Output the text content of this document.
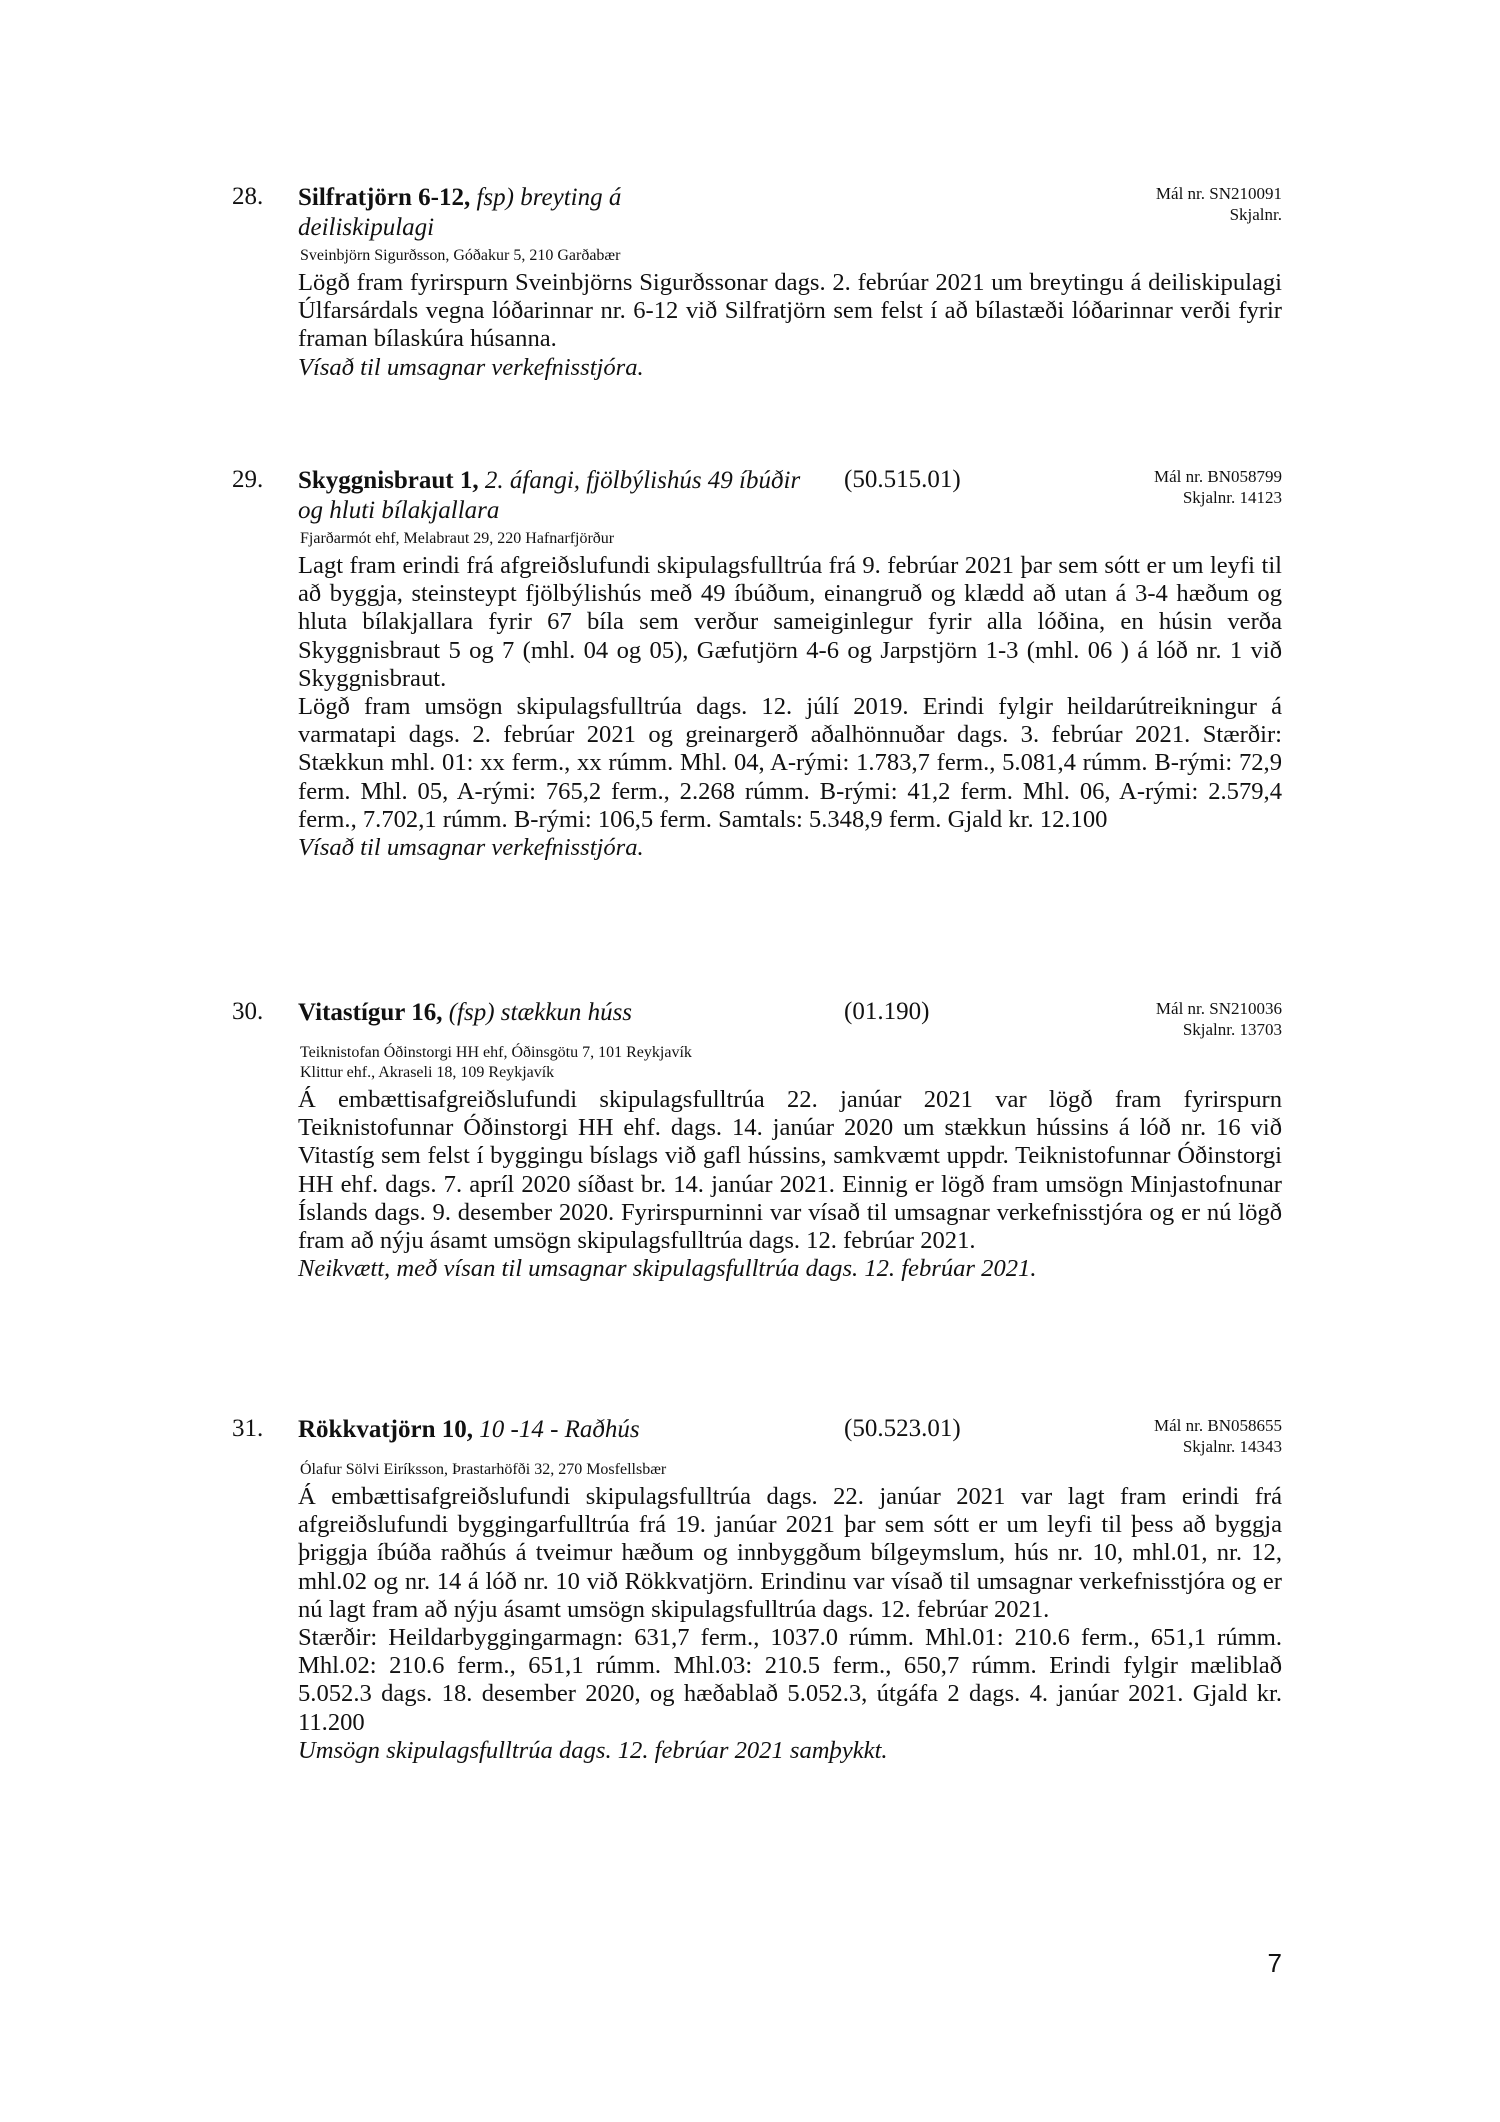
28. Silfratjörn 6-12, fsp) breyting á deiliskipulagi
Mál nr. SN210091
Skjalnr.
Sveinbjörn Sigurðsson, Góðakur 5, 210 Garðabær

Lögð fram fyrirspurn Sveinbjörns Sigurðssonar dags. 2. febrúar 2021 um breytingu á deiliskipulagi Úlfarsárdals vegna lóðarinnar nr. 6-12 við Silfratjörn sem felst í að bílastæði lóðarinnar verði fyrir framan bílaskúra húsanna.

Vísað til umsagnar verkefnisstjóra.

29. Skyggnisbraut 1, 2. áfangi, fjölbýlishús 49 íbúðir og hluti bílakjallara
(50.515.01)	Mál nr. BN058799
Skjalnr. 14123
Fjarðarmót ehf, Melabraut 29, 220 Hafnarfjörður

Lagt fram erindi frá afgreiðslufundi skipulagsfulltrúa frá 9. febrúar 2021 þar sem sótt er um leyfi til að byggja, steinsteypt fjölbýlishús með 49 íbúðum, einangruð og klædd að utan á 3-4 hæðum og hluta bílakjallara fyrir 67 bíla sem verður sameiginlegur fyrir alla lóðina, en húsin verða Skyggnisbraut 5 og 7 (mhl. 04 og 05), Gæfutjörn 4-6 og Jarpstjörn 1-3 (mhl. 06 ) á lóð nr. 1 við Skyggnisbraut.

Lögð fram umsögn skipulagsfulltrúa dags. 12. júlí 2019. Erindi fylgir heildarútreikningur á varmatapi dags. 2. febrúar 2021 og greinargerð aðalhönnuðar dags. 3. febrúar 2021. Stærðir: Stækkun mhl. 01: xx ferm., xx rúmm. Mhl. 04, A-rými: 1.783,7 ferm., 5.081,4 rúmm. B-rými: 72,9 ferm. Mhl. 05, A-rými: 765,2 ferm., 2.268 rúmm. B-rými: 41,2 ferm. Mhl. 06, A-rými: 2.579,4 ferm., 7.702,1 rúmm. B-rými: 106,5 ferm. Samtals: 5.348,9 ferm. Gjald kr. 12.100

Vísað til umsagnar verkefnisstjóra.

30. Vitastígur 16, (fsp) stækkun húss	(01.190)	Mál nr. SN210036
Skjalnr. 13703
Teiknistofan Óðinstorgi HH ehf, Óðinsgötu 7, 101 Reykjavík
Klittur ehf., Akraseli 18, 109 Reykjavík

Á embættisafgreiðslufundi skipulagsfulltrúa 22. janúar 2021 var lögð fram fyrirspurn Teiknistofunnar Óðinstorgi HH ehf. dags. 14. janúar 2020 um stækkun hússins á lóð nr. 16 við Vitastíg sem felst í byggingu bíslags við gafl hússins, samkvæmt uppdr. Teiknistofunnar Óðinstorgi HH ehf. dags. 7. apríl 2020 síðast br. 14. janúar 2021. Einnig er lögð fram umsögn Minjastofnunar Íslands dags. 9. desember 2020. Fyrirspurninni var vísað til umsagnar verkefnisstjóra og er nú lögð fram að nýju ásamt umsögn skipulagsfulltrúa dags. 12. febrúar 2021.

Neikvætt, með vísan til umsagnar skipulagsfulltrúa dags. 12. febrúar 2021.

31. Rökkvatjörn 10, 10 -14 - Raðhús	(50.523.01)	Mál nr. BN058655
Skjalnr. 14343
Ólafur Sölvi Eiríksson, Þrastarhöfði 32, 270 Mosfellsbær

Á embættisafgreiðslufundi skipulagsfulltrúa dags. 22. janúar 2021 var lagt fram erindi frá afgreiðslufundi byggingarfulltrúa frá 19. janúar 2021 þar sem sótt er um leyfi til þess að byggja þriggja íbúða raðhús á tveimur hæðum og innbyggðum bílgeymslum, hús nr. 10, mhl.01, nr. 12, mhl.02 og nr. 14 á lóð nr. 10 við Rökkvatjörn. Erindinu var vísað til umsagnar verkefnisstjóra og er nú lagt fram að nýju ásamt umsögn skipulagsfulltrúa dags. 12. febrúar 2021.

Stærðir: Heildarbyggingarmagn: 631,7 ferm., 1037.0 rúmm. Mhl.01: 210.6 ferm., 651,1 rúmm. Mhl.02: 210.6 ferm., 651,1 rúmm. Mhl.03: 210.5 ferm., 650,7 rúmm. Erindi fylgir mæliblað 5.052.3 dags. 18. desember 2020, og hæðablað 5.052.3, útgáfa 2 dags. 4. janúar 2021. Gjald kr. 11.200

Umsögn skipulagsfulltrúa dags. 12. febrúar 2021 samþykkt.

7
